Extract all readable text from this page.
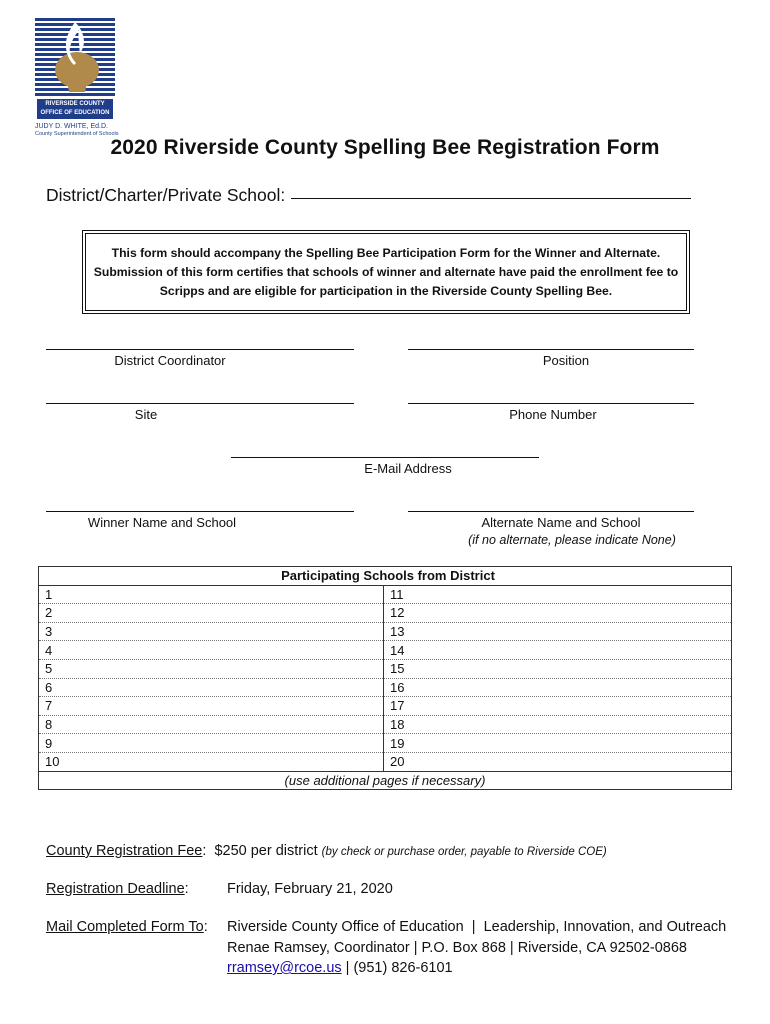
RIVERSIDE COUNTY
OFFICE OF EDUCATION
JUDY D. WHITE, Ed.D.
County Superintendent of Schools
2020 Riverside County Spelling Bee Registration Form
District/Charter/Private School:
This form should accompany the Spelling Bee Participation Form for the Winner and Alternate. Submission of this form certifies that schools of winner and alternate have paid the enrollment fee to Scripps and are eligible for participation in the Riverside County Spelling Bee.
District Coordinator	Position
Site	Phone Number
E-Mail Address
Winner Name and School	Alternate Name and School
(if no alternate, please indicate None)
Participating Schools from District	
1	11
2	12
3	13
4	14
5	15
6	16
7	17
8	18
9	19
10	20
(use additional pages if necessary)	
County Registration Fee:  $250 per district (by check or purchase order, payable to Riverside COE)
Registration Deadline:	Friday, February 21, 2020
Mail Completed Form To: Riverside County Office of Education  |  Leadership, Innovation, and Outreach
Renae Ramsey, Coordinator | P.O. Box 868 | Riverside, CA 92502-0868
rramsey@rcoe.us | (951) 826-6101
